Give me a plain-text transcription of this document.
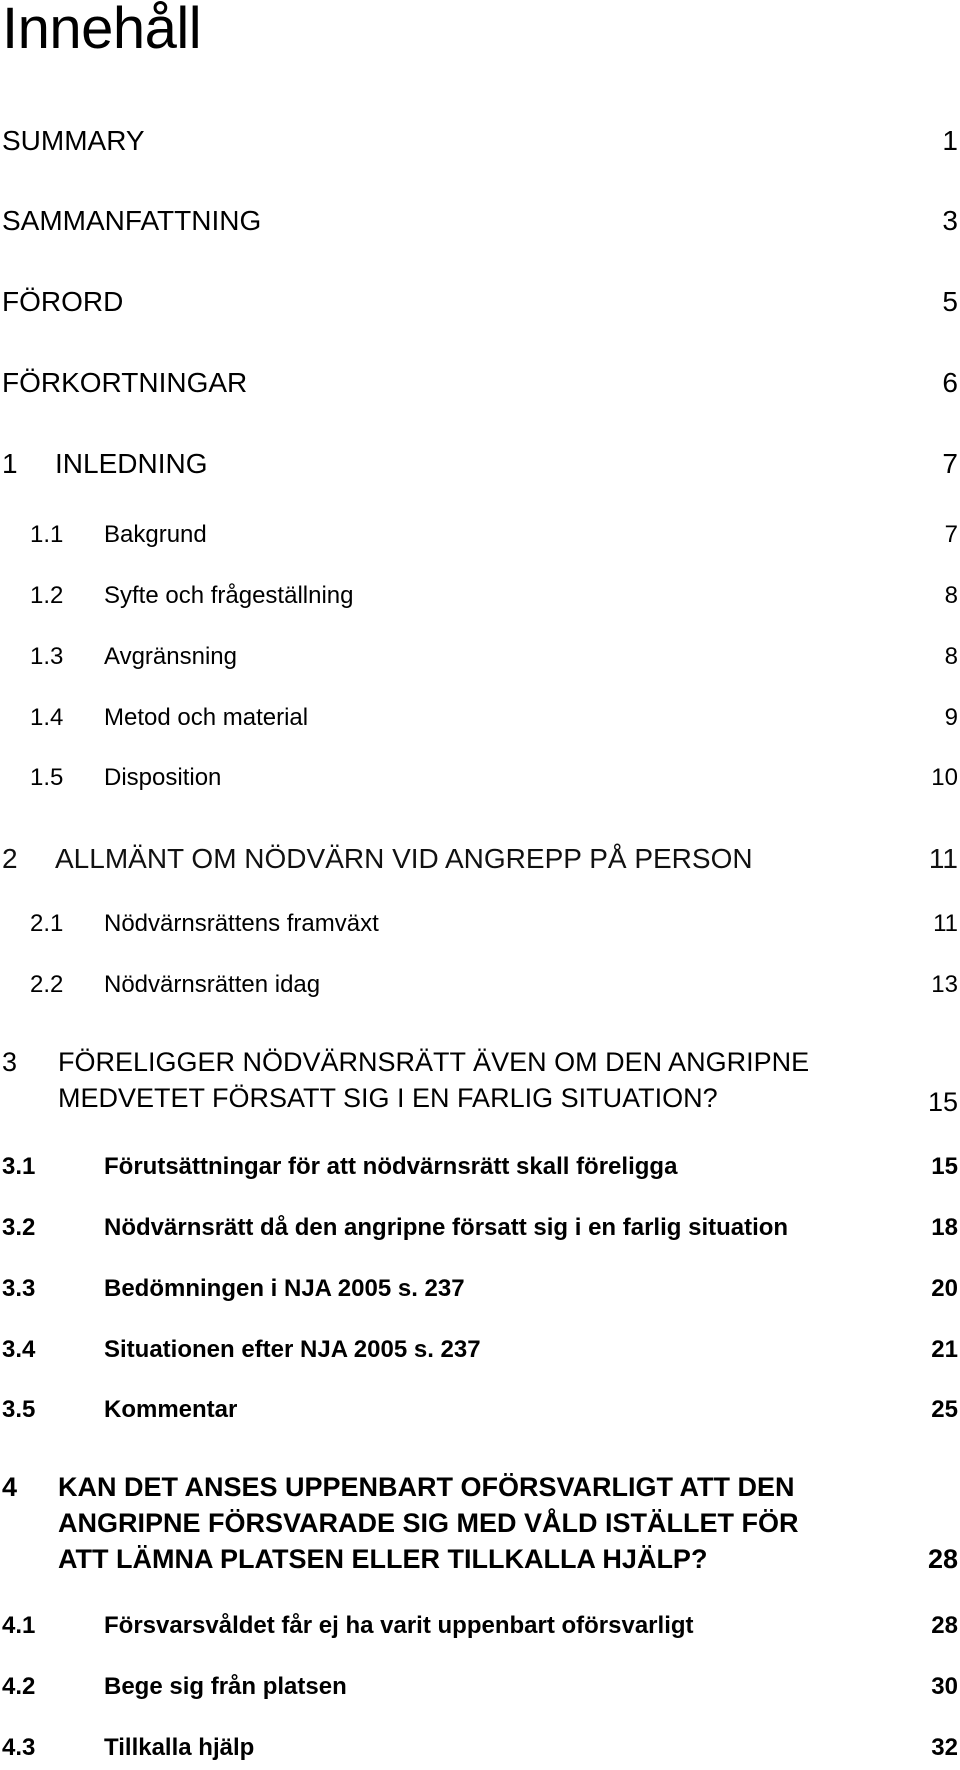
Innehåll
SUMMARY	1
SAMMANFATTNING	3
FÖRORD	5
FÖRKORTNINGAR	6
1 INLEDNING	7
1.1 Bakgrund	7
1.2 Syfte och frågeställning	8
1.3 Avgränsning	8
1.4 Metod och material	9
1.5 Disposition	10
2 ALLMÄNT OM NÖDVÄRN VID ANGREPP PÅ PERSON	11
2.1 Nödvärnsrättens framväxt	11
2.2 Nödvärnsrätten idag	13
3 FÖRELIGGER NÖDVÄRNSRÄTT ÄVEN OM DEN ANGRIPNE
MEDVETET FÖRSATT SIG I EN FARLIG SITUATION?	15
3.1	Förutsättningar för att nödvärnsrätt skall föreligga	15
3.2	Nödvärnsrätt då den angripne försatt sig i en farlig situation	18
3.3	Bedömningen i NJA 2005 s. 237	20
3.4	Situationen efter NJA 2005 s. 237	21
3.5	Kommentar	25
4 KAN DET ANSES UPPENBART OFÖRSVARLIGT ATT DEN
ANGRIPNE FÖRSVARADE SIG MED VÅLD ISTÄLLET FÖR
ATT LÄMNA PLATSEN ELLER TILLKALLA HJÄLP?	28
4.1	Försvarsvåldet får ej ha varit uppenbart oförsvarligt	28
4.2	Bege sig från platsen	30
4.3	Tillkalla hjälp	32
